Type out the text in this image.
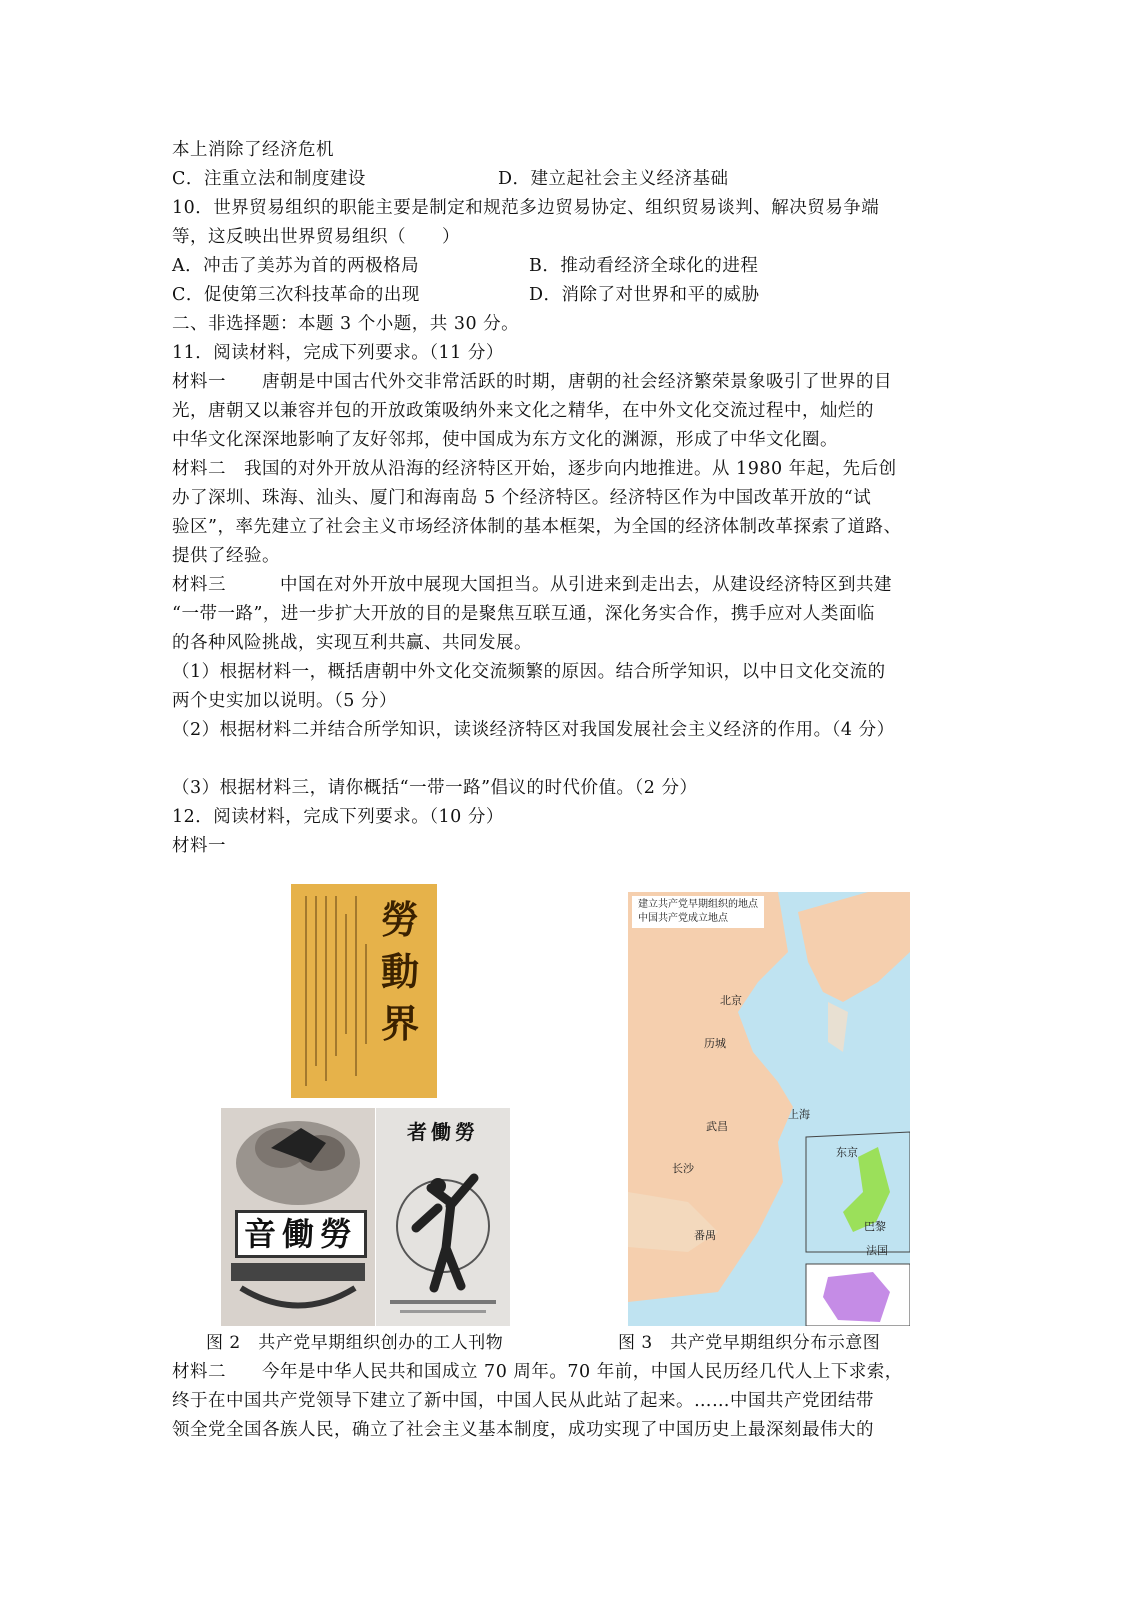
本上消除了经济危机
C．注重立法和制度建设	D．建立起社会主义经济基础
10．世界贸易组织的职能主要是制定和规范多边贸易协定、组织贸易谈判、解决贸易争端
等，这反映出世界贸易组织（　　）
A．冲击了美苏为首的两极格局	B．推动看经济全球化的进程
C．促使第三次科技革命的出现	D．消除了对世界和平的威胁
二、非选择题：本题 3 个小题，共 30 分。
11．阅读材料，完成下列要求。（11 分）
材料一　　唐朝是中国古代外交非常活跃的时期，唐朝的社会经济繁荣景象吸引了世界的目
光，唐朝又以兼容并包的开放政策吸纳外来文化之精华，在中外文化交流过程中，灿烂的
中华文化深深地影响了友好邻邦，使中国成为东方文化的渊源，形成了中华文化圈。
材料二　我国的对外开放从沿海的经济特区开始，逐步向内地推进。从 1980 年起，先后创
办了深圳、珠海、汕头、厦门和海南岛 5 个经济特区。经济特区作为中国改革开放的“试
验区”，率先建立了社会主义市场经济体制的基本框架，为全国的经济体制改革探索了道路、
提供了经验。
材料三　　　中国在对外开放中展现大国担当。从引进来到走出去，从建设经济特区到共建
“一带一路”，进一步扩大开放的目的是聚焦互联互通，深化务实合作，携手应对人类面临
的各种风险挑战，实现互利共赢、共同发展。
（1）根据材料一，概括唐朝中外文化交流频繁的原因。结合所学知识，以中日文化交流的
两个史实加以说明。（5 分）
（2）根据材料二并结合所学知识，读谈经济特区对我国发展社会主义经济的作用。（4 分）
（3）根据材料三，请你概括“一带一路”倡议的时代价值。（2 分）
12．阅读材料，完成下列要求。（10 分）
材料一
勞動界
音働勞
者働勞
建立共产党早期组织的地点
中国共产党成立地点
北京
历城
上海
武昌
长沙
番禺
东京
巴黎
法国
图 2　共产党早期组织创办的工人刊物	图 3　共产党早期组织分布示意图
材料二　　今年是中华人民共和国成立 70 周年。70 年前，中国人民历经几代人上下求索，
终于在中国共产党领导下建立了新中国，中国人民从此站了起来。……中国共产党团结带
领全党全国各族人民，确立了社会主义基本制度，成功实现了中国历史上最深刻最伟大的
